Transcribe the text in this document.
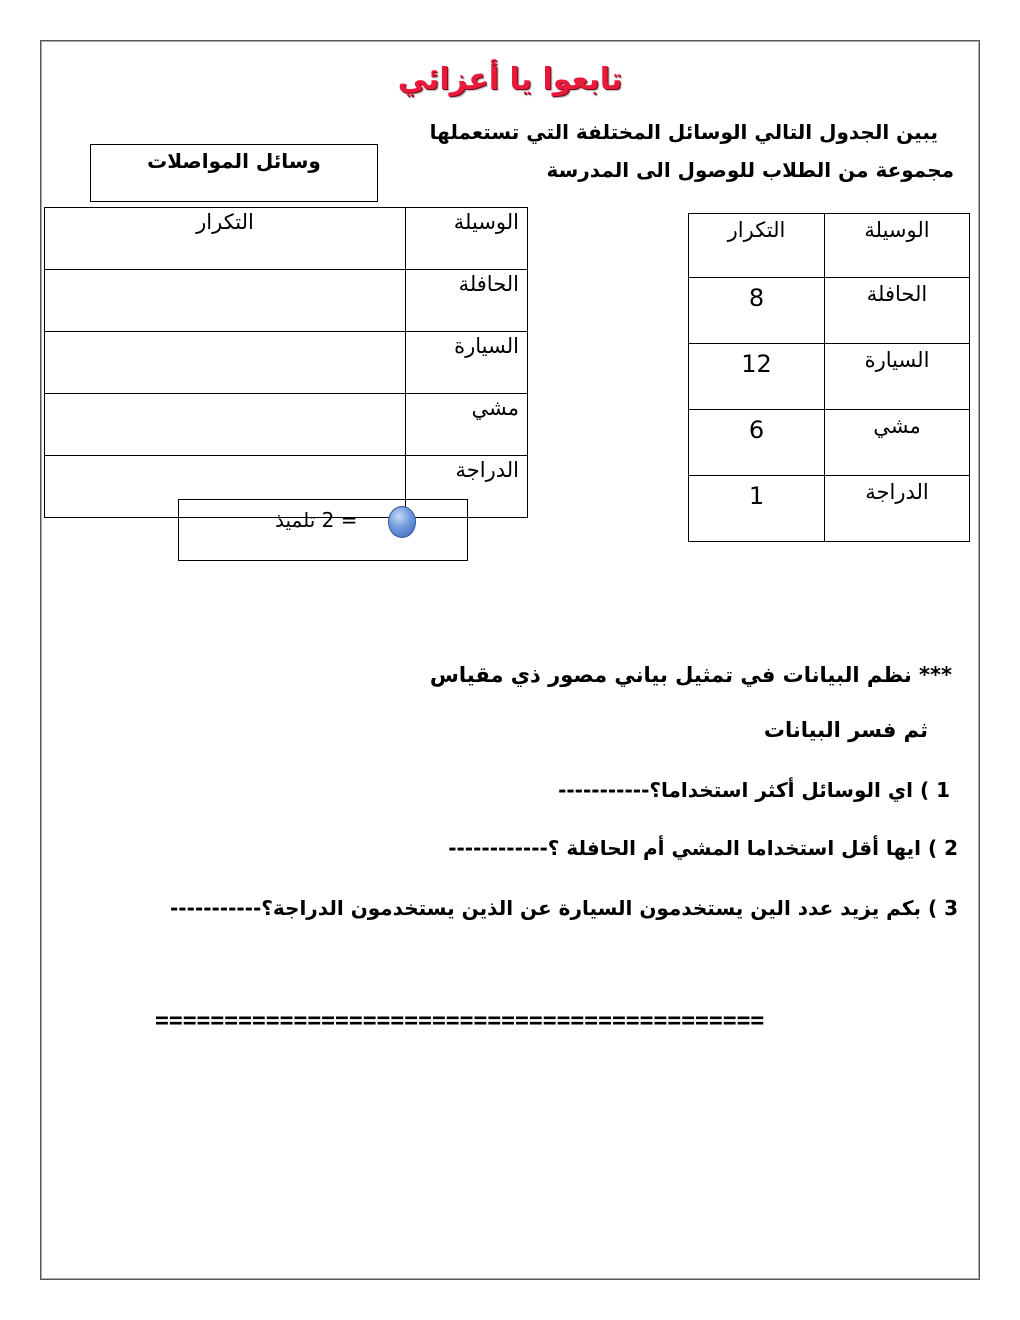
تابعوا يا أعزائي
يبين الجدول التالي الوسائل المختلفة التي تستعملها
مجموعة من الطلاب للوصول الى المدرسة
وسائل المواصلات
الوسيلة	التكرار
الحافلة	
السيارة	
مشي	
الدراجة	
= 2 تلميذ
الوسيلة	التكرار
الحافلة	8
السيارة	12
مشي	6
الدراجة	1
*** نظم البيانات في تمثيل بياني مصور ذي مقياس
ثم فسر البيانات
1 ) اي الوسائل أكثر استخداما؟-----------
2 ) ايها أقل استخداما المشي أم الحافلة ؟------------
3 ) بكم يزيد عدد الين يستخدمون السيارة عن الذين يستخدمون الدراجة؟-----------
============================================
